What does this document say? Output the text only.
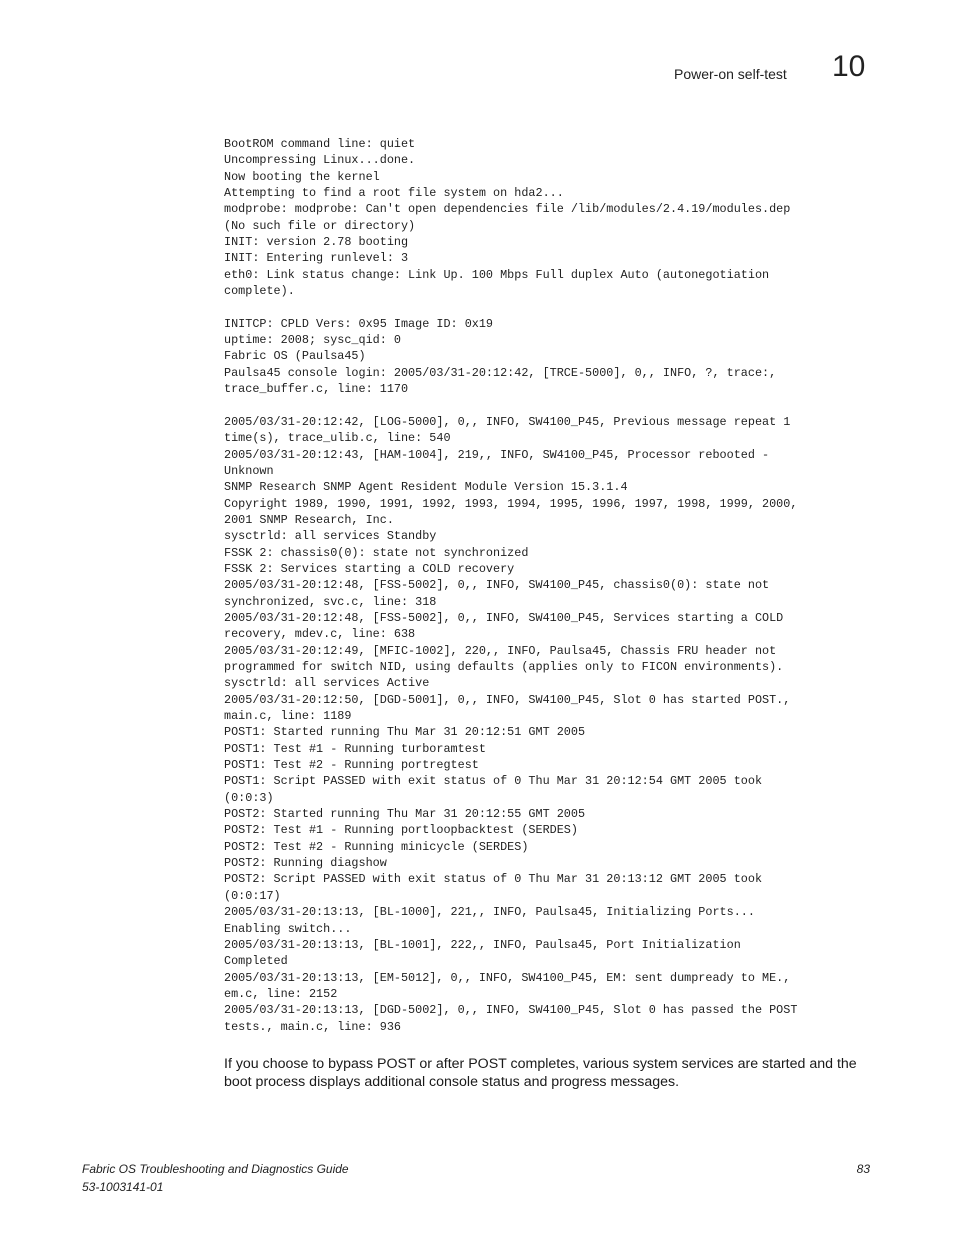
Power-on self-test 10
BootROM command line: quiet
Uncompressing Linux...done.
Now booting the kernel
Attempting to find a root file system on hda2...
modprobe: modprobe: Can't open dependencies file /lib/modules/2.4.19/modules.dep
(No such file or directory)
INIT: version 2.78 booting
INIT: Entering runlevel: 3
eth0: Link status change: Link Up. 100 Mbps Full duplex Auto (autonegotiation
complete).
INITCP: CPLD Vers: 0x95 Image ID: 0x19
uptime: 2008; sysc_qid: 0
Fabric OS (Paulsa45)
Paulsa45 console login: 2005/03/31-20:12:42, [TRCE-5000], 0,, INFO, ?, trace:,
trace_buffer.c, line: 1170
2005/03/31-20:12:42, [LOG-5000], 0,, INFO, SW4100_P45, Previous message repeat 1
time(s), trace_ulib.c, line: 540
2005/03/31-20:12:43, [HAM-1004], 219,, INFO, SW4100_P45, Processor rebooted -
Unknown
SNMP Research SNMP Agent Resident Module Version 15.3.1.4
Copyright 1989, 1990, 1991, 1992, 1993, 1994, 1995, 1996, 1997, 1998, 1999, 2000,
2001 SNMP Research, Inc.
sysctrld: all services Standby
FSSK 2: chassis0(0): state not synchronized
FSSK 2: Services starting a COLD recovery
2005/03/31-20:12:48, [FSS-5002], 0,, INFO, SW4100_P45, chassis0(0): state not
synchronized, svc.c, line: 318
2005/03/31-20:12:48, [FSS-5002], 0,, INFO, SW4100_P45, Services starting a COLD
recovery, mdev.c, line: 638
2005/03/31-20:12:49, [MFIC-1002], 220,, INFO, Paulsa45, Chassis FRU header not
programmed for switch NID, using defaults (applies only to FICON environments).
sysctrld: all services Active
2005/03/31-20:12:50, [DGD-5001], 0,, INFO, SW4100_P45, Slot 0 has started POST.,
main.c, line: 1189
POST1: Started running Thu Mar 31 20:12:51 GMT 2005
POST1: Test #1 - Running turboramtest
POST1: Test #2 - Running portregtest
POST1: Script PASSED with exit status of 0 Thu Mar 31 20:12:54 GMT 2005 took
(0:0:3)
POST2: Started running Thu Mar 31 20:12:55 GMT 2005
POST2: Test #1 - Running portloopbacktest (SERDES)
POST2: Test #2 - Running minicycle (SERDES)
POST2: Running diagshow
POST2: Script PASSED with exit status of 0 Thu Mar 31 20:13:12 GMT 2005 took
(0:0:17)
2005/03/31-20:13:13, [BL-1000], 221,, INFO, Paulsa45, Initializing Ports...
Enabling switch...
2005/03/31-20:13:13, [BL-1001], 222,, INFO, Paulsa45, Port Initialization
Completed
2005/03/31-20:13:13, [EM-5012], 0,, INFO, SW4100_P45, EM: sent dumpready to ME.,
em.c, line: 2152
2005/03/31-20:13:13, [DGD-5002], 0,, INFO, SW4100_P45, Slot 0 has passed the POST
tests., main.c, line: 936

If you choose to bypass POST or after POST completes, various system services are started and the boot process displays additional console status and progress messages.

Fabric OS Troubleshooting and Diagnostics Guide
53-1003141-01
83
